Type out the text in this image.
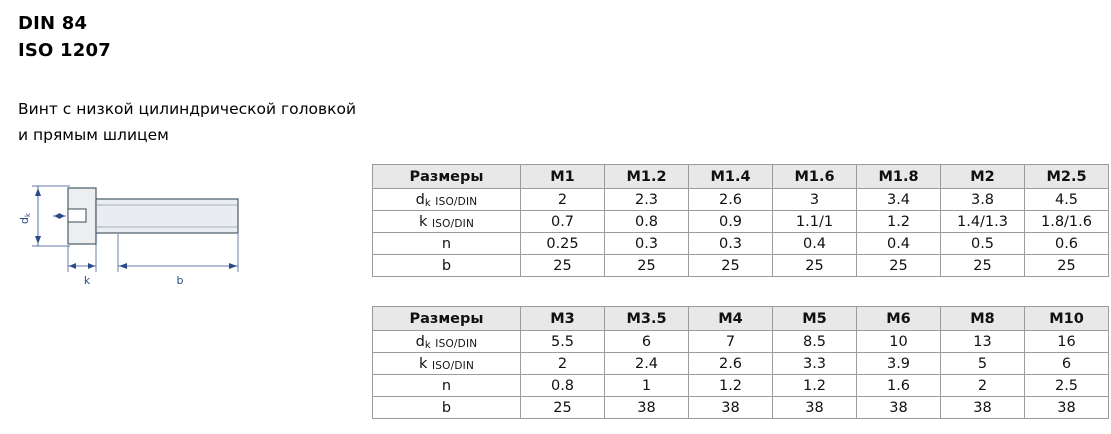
DIN 84
ISO 1207
Винт с низкой цилиндрической головкой
и прямым шлицем
dk
k	b
Размеры	M1	M1.2	M1.4	M1.6	M1.8	M2	M2.5
dk ISO/DIN	2	2.3	2.6	3	3.4	3.8	4.5
k ISO/DIN	0.7	0.8	0.9	1.1/1	1.2	1.4/1.3	1.8/1.6
n	0.25	0.3	0.3	0.4	0.4	0.5	0.6
b	25	25	25	25	25	25	25
Размеры	M3	M3.5	M4	M5	M6	M8	M10
dk ISO/DIN	5.5	6	7	8.5	10	13	16
k ISO/DIN	2	2.4	2.6	3.3	3.9	5	6
n	0.8	1	1.2	1.2	1.6	2	2.5
b	25	38	38	38	38	38	38
